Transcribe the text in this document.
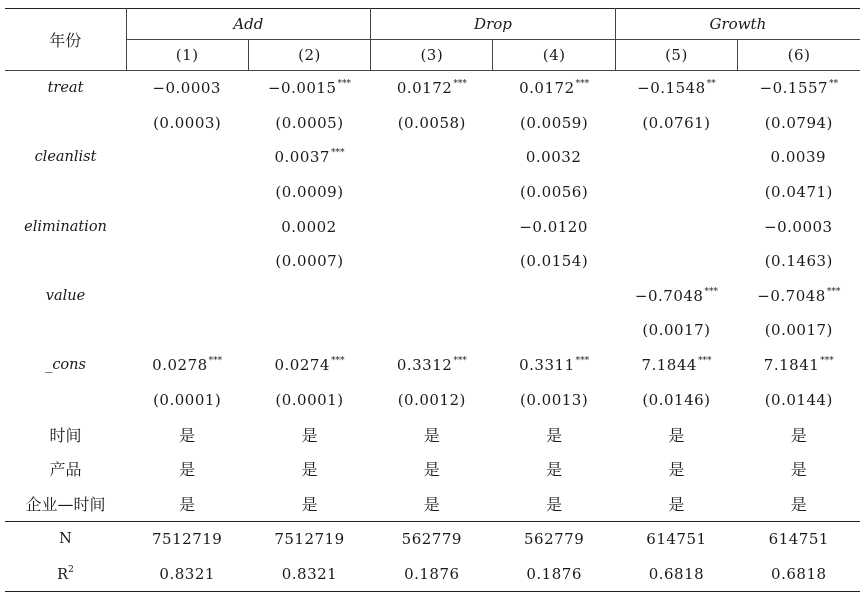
年份	Add		Drop		Growth	
	(1)	(2)	(3)	(4)	(5)	(6)
treat	−0.0003	−0.0015***	0.0172***	0.0172***	−0.1548**	−0.1557**
	(0.0003)	(0.0005)	(0.0058)	(0.0059)	(0.0761)	(0.0794)
cleanlist		0.0037***		0.0032		0.0039
		(0.0009)		(0.0056)		(0.0471)
elimination		0.0002		−0.0120		−0.0003
		(0.0007)		(0.0154)		(0.1463)
value					−0.7048***	−0.7048***
					(0.0017)	(0.0017)
_cons	0.0278***	0.0274***	0.3312***	0.3311***	7.1844***	7.1841***
	(0.0001)	(0.0001)	(0.0012)	(0.0013)	(0.0146)	(0.0144)
时间	是	是	是	是	是	是
产品	是	是	是	是	是	是
企业—时间	是	是	是	是	是	是
N	7512719	7512719	562779	562779	614751	614751
$R^2$	0.8321	0.8321	0.1876	0.1876	0.6818	0.6818
